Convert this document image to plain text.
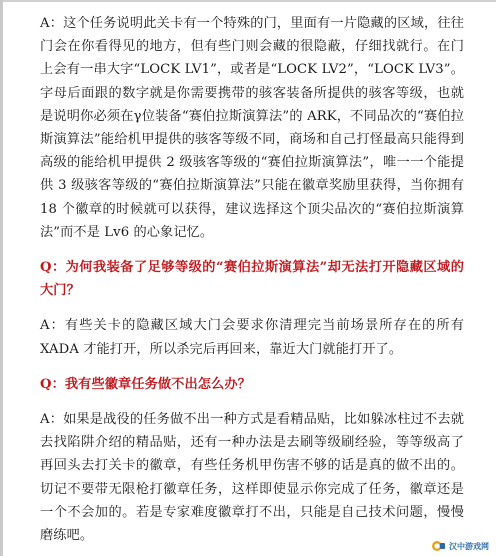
A：这个任务说明此关卡有一个特殊的门，里面有一片隐藏的区域，往往门会在你看得见的地方，但有些门则会藏的很隐蔽，仔细找就行。在门上会有一串大字“LOCK LV1”，或者是“LOCK LV2”，“LOCK LV3”。字母后面跟的数字就是你需要携带的骇客装备所提供的骇客等级，也就是说明你必须在γ位装备“赛伯拉斯演算法”的 ARK，不同品次的“赛伯拉斯演算法”能给机甲提供的骇客等级不同，商场和自己打怪最高只能得到高级的能给机甲提供 2 级骇客等级的“赛伯拉斯演算法”，唯一一个能提供 3 级骇客等级的“赛伯拉斯演算法”只能在徽章奖励里获得，当你拥有 18 个徽章的时候就可以获得，建议选择这个顶尖品次的“赛伯拉斯演算法”而不是 Lv6 的心象记忆。

Q：为何我装备了足够等级的“赛伯拉斯演算法”却无法打开隐藏区域的大门？

A：有些关卡的隐藏区域大门会要求你清理完当前场景所存在的所有 XADA 才能打开，所以杀完后再回来，靠近大门就能打开了。

Q：我有些徽章任务做不出怎么办？

A：如果是战役的任务做不出一种方式是看精品贴，比如躲冰柱过不去就去找陷阱介绍的精品贴，还有一种办法是去刷等级刷经验，等等级高了再回头去打关卡的徽章，有些任务机甲伤害不够的话是真的做不出的。切记不要带无限枪打徽章任务，这样即使显示你完成了任务，徽章还是一个不会加的。若是专家难度徽章打不出，只能是自己技术问题，慢慢磨练吧。

汉中游戏网
